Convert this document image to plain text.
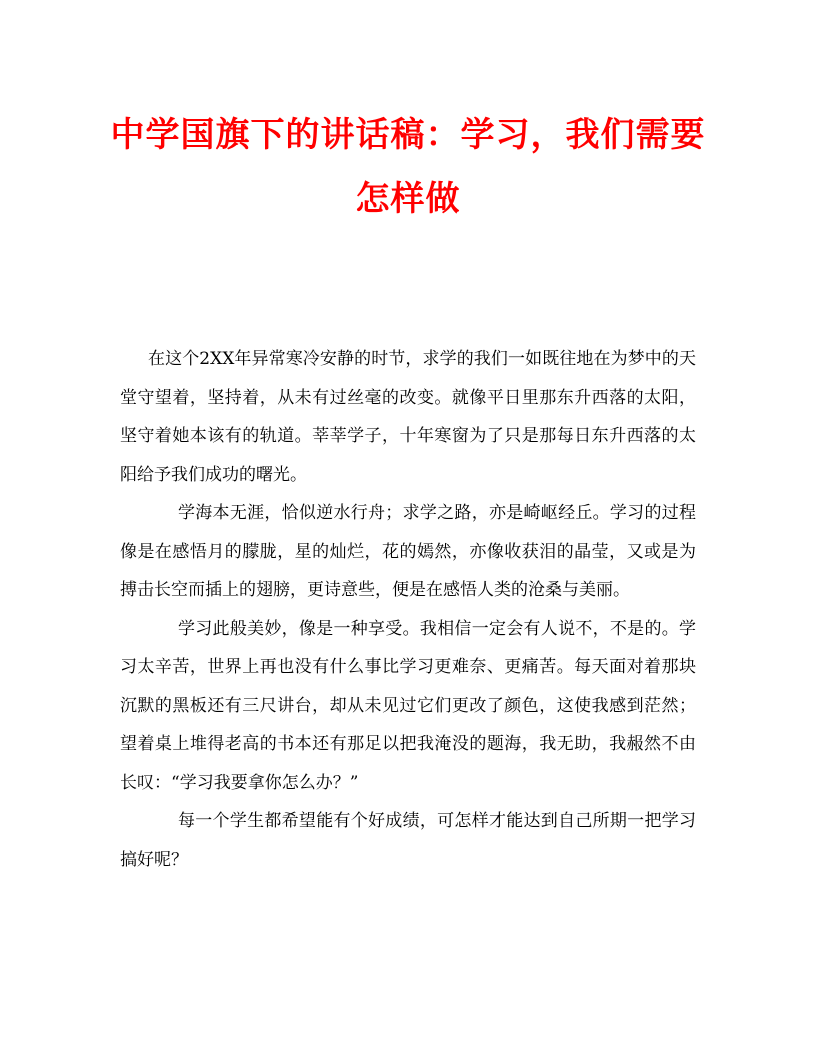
中学国旗下的讲话稿：学习，我们需要怎样做

在这个2XX年异常寒冷安静的时节，求学的我们一如既往地在为梦中的天堂守望着，坚持着，从未有过丝毫的改变。就像平日里那东升西落的太阳，坚守着她本该有的轨道。莘莘学子，十年寒窗为了只是那每日东升西落的太阳给予我们成功的曙光。

学海本无涯，恰似逆水行舟；求学之路，亦是崎岖经丘。学习的过程像是在感悟月的朦胧，星的灿烂，花的嫣然，亦像收获泪的晶莹，又或是为搏击长空而插上的翅膀，更诗意些，便是在感悟人类的沧桑与美丽。

学习此般美妙，像是一种享受。我相信一定会有人说不，不是的。学习太辛苦，世界上再也没有什么事比学习更难奈、更痛苦。每天面对着那块沉默的黑板还有三尺讲台，却从未见过它们更改了颜色，这使我感到茫然；望着桌上堆得老高的书本还有那足以把我淹没的题海，我无助，我赧然不由长叹：“学习我要拿你怎么办？”

每一个学生都希望能有个好成绩，可怎样才能达到自己所期一把学习搞好呢？
